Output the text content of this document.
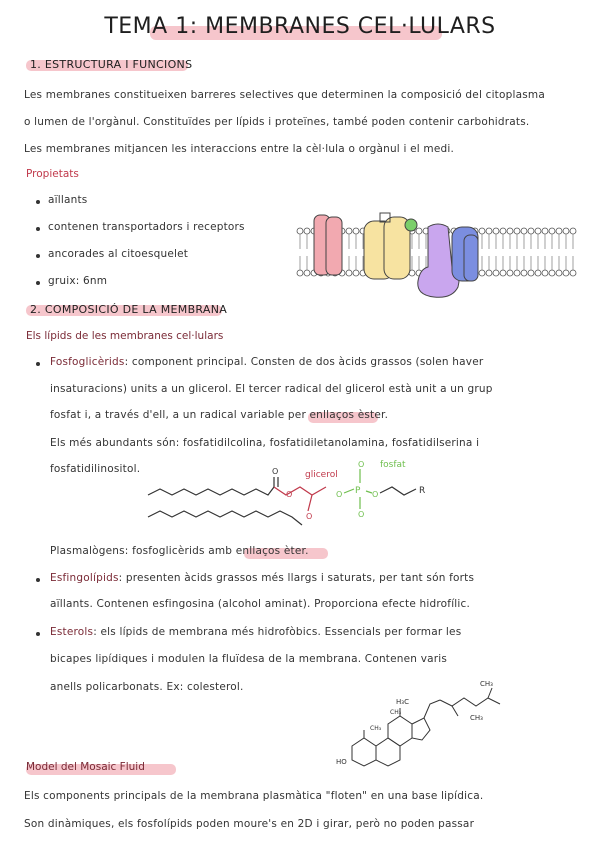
TEMA 1: MEMBRANES CEL·LULARS
1. ESTRUCTURA I FUNCIONS
Les membranes constitueixen barreres selectives que determinen la composició del citoplasma
o lumen de l'orgànul. Constituïdes per lípids i proteïnes, també poden contenir carbohidrats.
Les membranes mitjancen les interaccions entre la cèl·lula o orgànul i el medi.
Propietats
aïllants
contenen transportadors i receptors
ancorades al citoesquelet
gruix: 6nm
2. COMPOSICIÓ DE LA MEMBRANA
Els lípids de les membranes cel·lulars
Fosfoglicèrids: component principal. Consten de dos àcids grassos (solen haver
insaturacions) units a un glicerol. El tercer radical del glicerol està unit a un grup
fosfat i, a través d'ell, a un radical variable per enllaços èster.
Els més abundants són: fosfatidilcolina, fosfatidiletanolamina, fosfatidilserina i
fosfatidilinositol.	O
O
O
glicerol
O P
O
O
fosfat
O	R
Plasmalògens: fosfoglicèrids amb enllaços èter.
Esfingolípids: presenten àcids grassos més llargs i saturats, per tant són forts
aïllants. Contenen esfingosina (alcohol aminat). Proporciona efecte hidrofílic.
Esterols: els lípids de membrana més hidrofòbics. Essencials per formar les
bicapes lipídiques i modulen la fluïdesa de la membrana. Contenen varis
anells policarbonats. Ex: colesterol.
H₃C
CH₃
CH₃
CH₃
CH₃
HO
Model del Mosaic Fluid
Els components principals de la membrana plasmàtica "floten" en una base lipídica.
Son dinàmiques, els fosfolípids poden moure's en 2D i girar, però no poden passar
